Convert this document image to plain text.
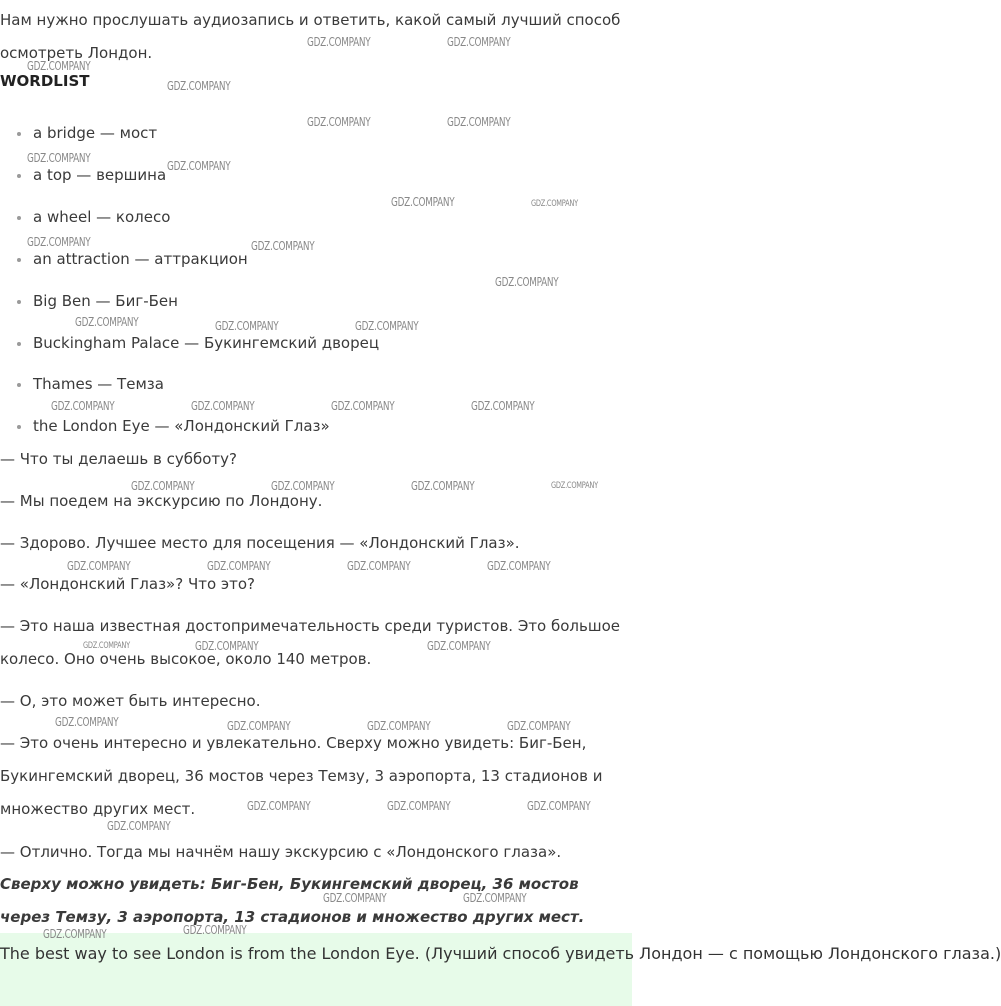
Нам нужно прослушать аудиозапись и ответить, какой самый лучший способ осмотреть Лондон.

WORDLIST
a bridge — мост
a top — вершина
a wheel — колесо
an attraction — аттракцион
Big Ben — Биг-Бен
Buckingham Palace — Букингемский дворец
Thames — Темза
the London Eye — «Лондонский Глаз»

— Что ты делаешь в субботу?

— Мы поедем на экскурсию по Лондону.

— Здорово. Лучшее место для посещения — «Лондонский Глаз».

— «Лондонский Глаз»? Что это?

— Это наша известная достопримечательность среди туристов. Это большое колесо. Оно очень высокое, около 140 метров.

— О, это может быть интересно.

— Это очень интересно и увлекательно. Сверху можно увидеть: Биг-Бен, Букингемский дворец, 36 мостов через Темзу, 3 аэропорта, 13 стадионов и множество других мест.

— Отлично. Тогда мы начнём нашу экскурсию с «Лондонского глаза».

Сверху можно увидеть: Биг-Бен, Букингемский дворец, 36 мостов через Темзу, 3 аэропорта, 13 стадионов и множество других мест.

The best way to see London is from the London Eye. (Лучший способ увидеть Лондон — с помощью Лондонского глаза.)

GDZ.COMPANY	GDZ.COMPANY
GDZ.COMPANY
GDZ.COMPANY
GDZ.COMPANY	GDZ.COMPANY
GDZ.COMPANY
GDZ.COMPANY
GDZ.COMPANY	GDZ.COMPANY
GDZ.COMPANY	GDZ.COMPANY
GDZ.COMPANY
GDZ.COMPANY	GDZ.COMPANY	GDZ.COMPANY
GDZ.COMPANY	GDZ.COMPANY	GDZ.COMPANY	GDZ.COMPANY
GDZ.COMPANY	GDZ.COMPANY	GDZ.COMPANY	GDZ.COMPANY
GDZ.COMPANY	GDZ.COMPANY	GDZ.COMPANY	GDZ.COMPANY
GDZ.COMPANY	GDZ.COMPANY	GDZ.COMPANY
GDZ.COMPANY	GDZ.COMPANY	GDZ.COMPANY	GDZ.COMPANY
GDZ.COMPANY	GDZ.COMPANY	GDZ.COMPANY
GDZ.COMPANY
GDZ.COMPANY	GDZ.COMPANY
GDZ.COMPANY	GDZ.COMPANY
